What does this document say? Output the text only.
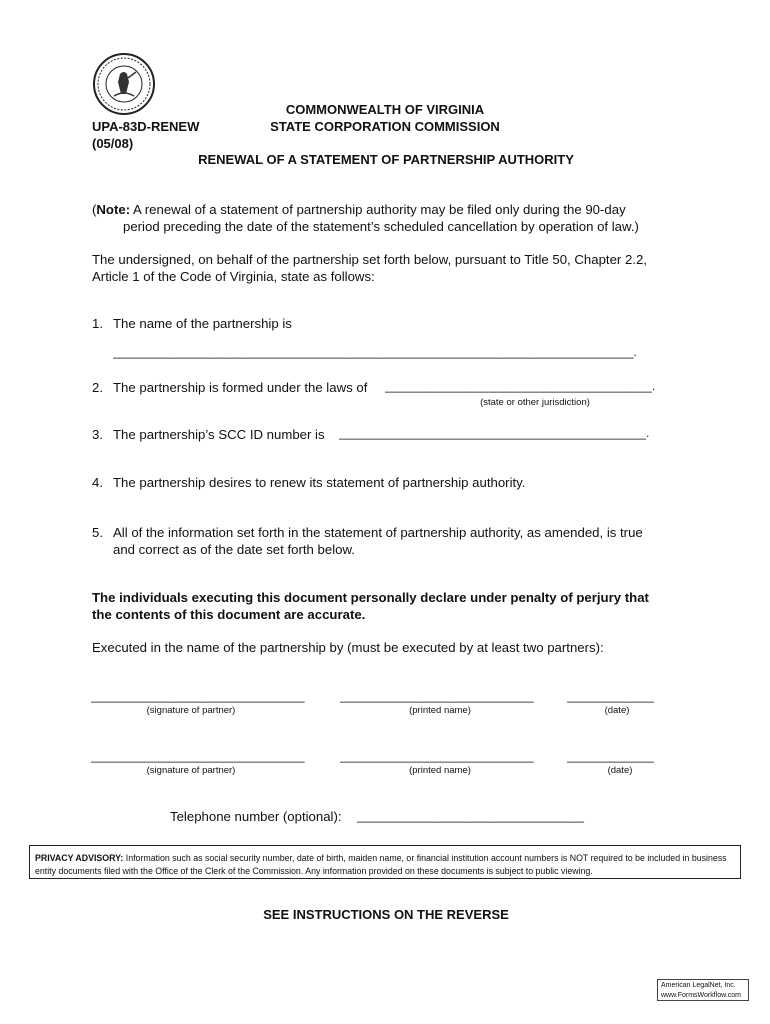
UPA-83D-RENEW
(05/08)
COMMONWEALTH OF VIRGINIA
STATE CORPORATION COMMISSION
RENEWAL OF A STATEMENT OF PARTNERSHIP AUTHORITY
(Note: A renewal of a statement of partnership authority may be filed only during the 90-day
period preceding the date of the statement’s scheduled cancellation by operation of law.)
The undersigned, on behalf of the partnership set forth below, pursuant to Title 50, Chapter 2.2,
Article 1 of the Code of Virginia, state as follows:
1. The name of the partnership is
______________________________________________________________________________.
2. The partnership is formed under the laws of	________________________________________.
(state or other jurisdiction)
3. The partnership’s SCC ID number is	______________________________________________.
4. The partnership desires to renew its statement of partnership authority.
5. All of the information set forth in the statement of partnership authority, as amended, is true
and correct as of the date set forth below.
The individuals executing this document personally declare under penalty of perjury that
the contents of this document are accurate.
Executed in the name of the partnership by (must be executed by at least two partners):
________________________________	_____________________________	_____________
(signature of partner)	(printed name)	(date)
________________________________	_____________________________	_____________
(signature of partner)	(printed name)	(date)
Telephone number (optional): __________________________________
PRIVACY ADVISORY: Information such as social security number, date of birth, maiden name, or financial institution account numbers is NOT required to be included in business entity documents filed with the Office of the Clerk of the Commission. Any information provided on these documents is subject to public viewing.
SEE INSTRUCTIONS ON THE REVERSE
American LegalNet, Inc.
www.FormsWorkflow.com
